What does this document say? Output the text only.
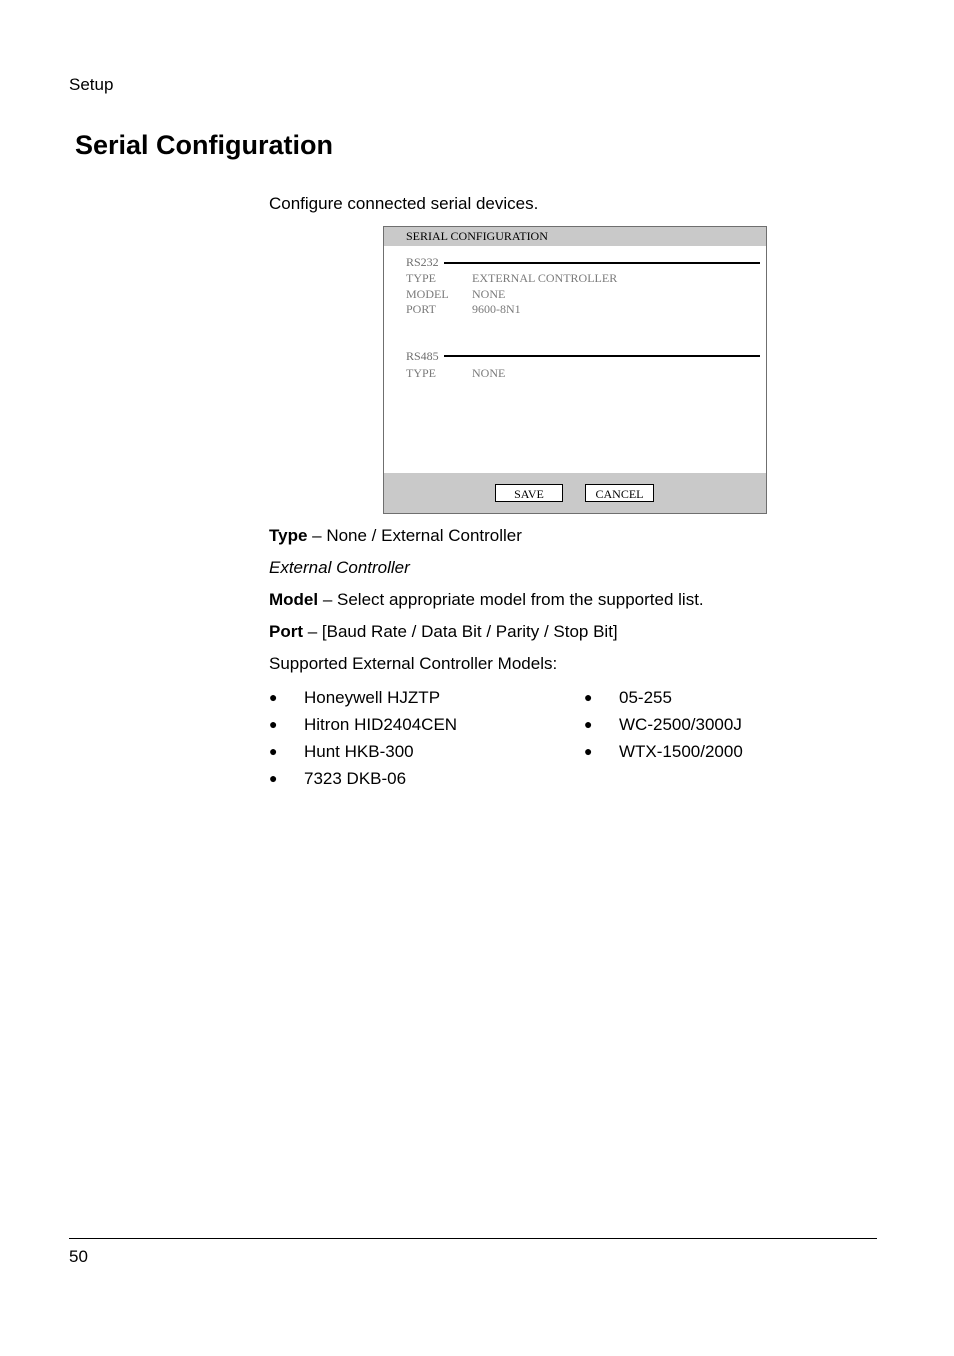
Setup
Serial Configuration
Configure connected serial devices.
SERIAL CONFIGURATION
RS232
TYPE	EXTERNAL CONTROLLER
MODEL NONE
PORT	9600-8N1
RS485
TYPE	NONE
SAVE	CANCEL
Type – None / External Controller
External Controller
Model – Select appropriate model from the supported list.
Port – [Baud Rate / Data Bit / Parity / Stop Bit]
Supported External Controller Models:
● Honeywell HJZTP
● Hitron HID2404CEN
● Hunt HKB-300
● 7323 DKB-06
● 05-255
● WC-2500/3000J
● WTX-1500/2000
50
